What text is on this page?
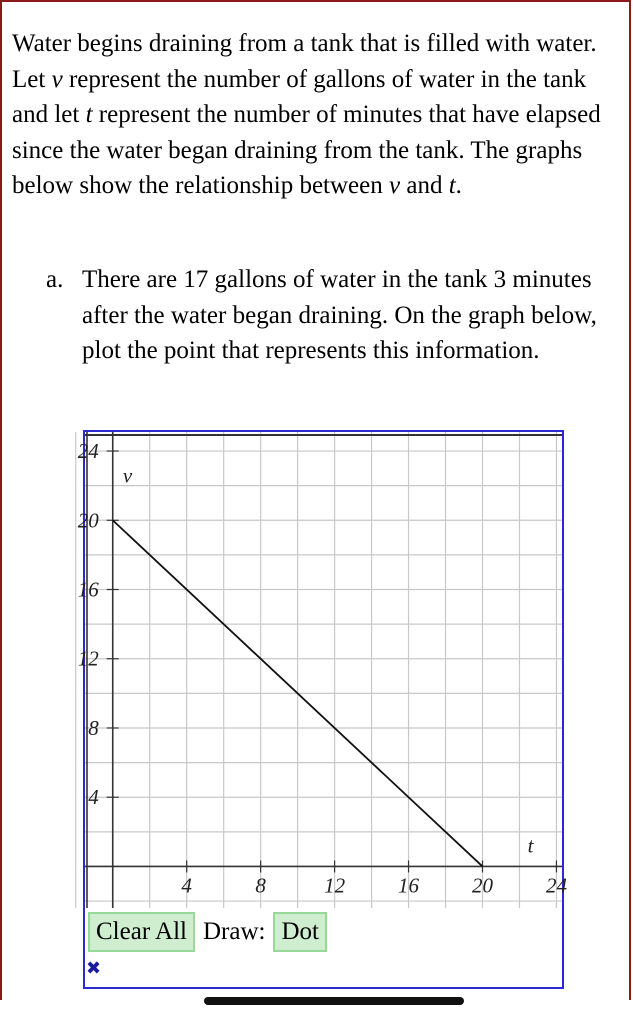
Water begins draining from a tank that is filled with water. Let v represent the number of gallons of water in the tank and let t represent the number of minutes that have elapsed since the water began draining from the tank. The graphs below show the relationship between v and t.
a. There are 17 gallons of water in the tank 3 minutes after the water began draining. On the graph below, plot the point that represents this information.
4	8	12	16	20	24
4
8
12
16
20
24
v
t
Clear All Draw: Dot
✖
